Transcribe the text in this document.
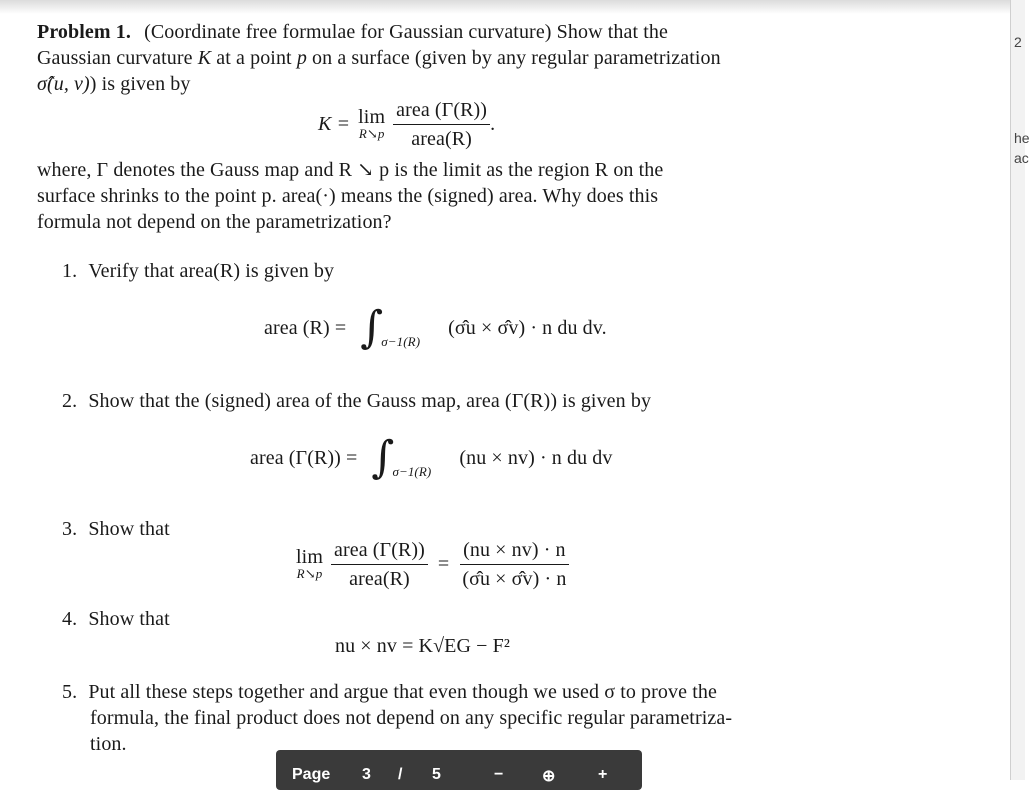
Problem 1. (Coordinate free formulae for Gaussian curvature) Show that the
Gaussian curvature K at a point p on a surface (given by any regular parametrization
σ̂(u, v)) is given by
K = lim
R↘p $\frac{\text{area (Γ(R))}}{\text{area(R)}}$ .
where, Γ denotes the Gauss map and R ↘ p is the limit as the region R on the
surface shrinks to the point p. area(·) means the (signed) area. Why does this
formula not depend on the parametrization?
1. Verify that area(R) is given by
area (R) = ∫
σ−1(R)
(σ̂u × σ̂v) · n du dv.
2. Show that the (signed) area of the Gauss map, area (Γ(R)) is given by
area (Γ(R)) = ∫
σ−1(R)
(nu × nv) · n du dv
3. Show that
lim
R↘p $\frac{\text{area (Γ(R))}}{\text{area(R)}} = \frac{(nu \times nv) \cdot n}{(\sigmâu \times \sigmâv) \cdot n}$
4. Show that
nu × nv = K√EG − F²
5. Put all these steps together and argue that even though we used σ to prove the
formula, the final product does not depend on any specific regular parametriza-
tion.
2
he
ac
Page 3 / 5	− ⊕	+
